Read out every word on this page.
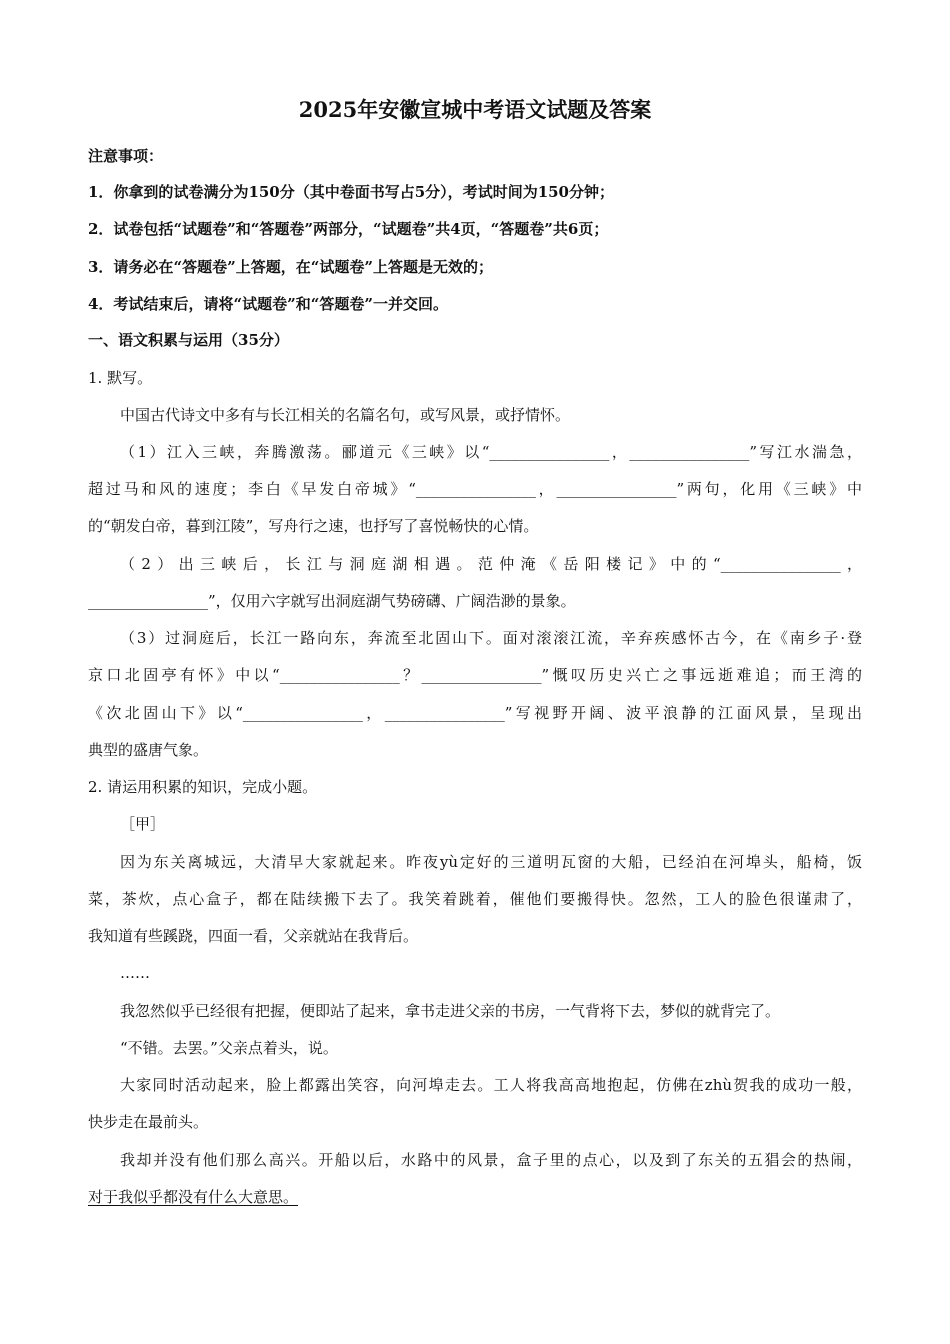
2025年安徽宣城中考语文试题及答案
注意事项：
1．你拿到的试卷满分为150分（其中卷面书写占5分），考试时间为150分钟；
2．试卷包括“试题卷”和“答题卷”两部分，“试题卷”共4页，“答题卷”共6页；
3．请务必在“答题卷”上答题，在“试题卷”上答题是无效的；
4．考试结束后，请将“试题卷”和“答题卷”一并交回。
一、语文积累与运用（35分）
1. 默写。
中国古代诗文中多有与长江相关的名篇名句，或写风景，或抒情怀。
（1）江入三峡，奔腾激荡。郦道元《三峡》以“________________，________________”写江水湍急，
超过马和风的速度；李白《早发白帝城》“________________，________________”两句，化用《三峡》中
的“朝发白帝，暮到江陵”，写舟行之速，也抒写了喜悦畅快的心情。
（2）出三峡后，长江与洞庭湖相遇。范仲淹《岳阳楼记》中的“________________，
________________”，仅用六字就写出洞庭湖气势磅礴、广阔浩渺的景象。
（3）过洞庭后，长江一路向东，奔流至北固山下。面对滚滚江流，辛弃疾感怀古今，在《南乡子·登
京口北固亭有怀》中以“________________？________________”慨叹历史兴亡之事远逝难追；而王湾的
《次北固山下》以“________________，________________”写视野开阔、波平浪静的江面风景，呈现出
典型的盛唐气象。
2. 请运用积累的知识，完成小题。
［甲］
因为东关离城远，大清早大家就起来。昨夜yù定好的三道明瓦窗的大船，已经泊在河埠头，船椅，饭
菜，茶炊，点心盒子，都在陆续搬下去了。我笑着跳着，催他们要搬得快。忽然，工人的脸色很谨肃了，
我知道有些蹊跷，四面一看，父亲就站在我背后。
……
我忽然似乎已经很有把握，便即站了起来，拿书走进父亲的书房，一气背将下去，梦似的就背完了。
“不错。去罢。”父亲点着头，说。
大家同时活动起来，脸上都露出笑容，向河埠走去。工人将我高高地抱起，仿佛在zhù贺我的成功一般，
快步走在最前头。
我却并没有他们那么高兴。开船以后，水路中的风景，盒子里的点心，以及到了东关的五猖会的热闹，
对于我似乎都没有什么大意思。
